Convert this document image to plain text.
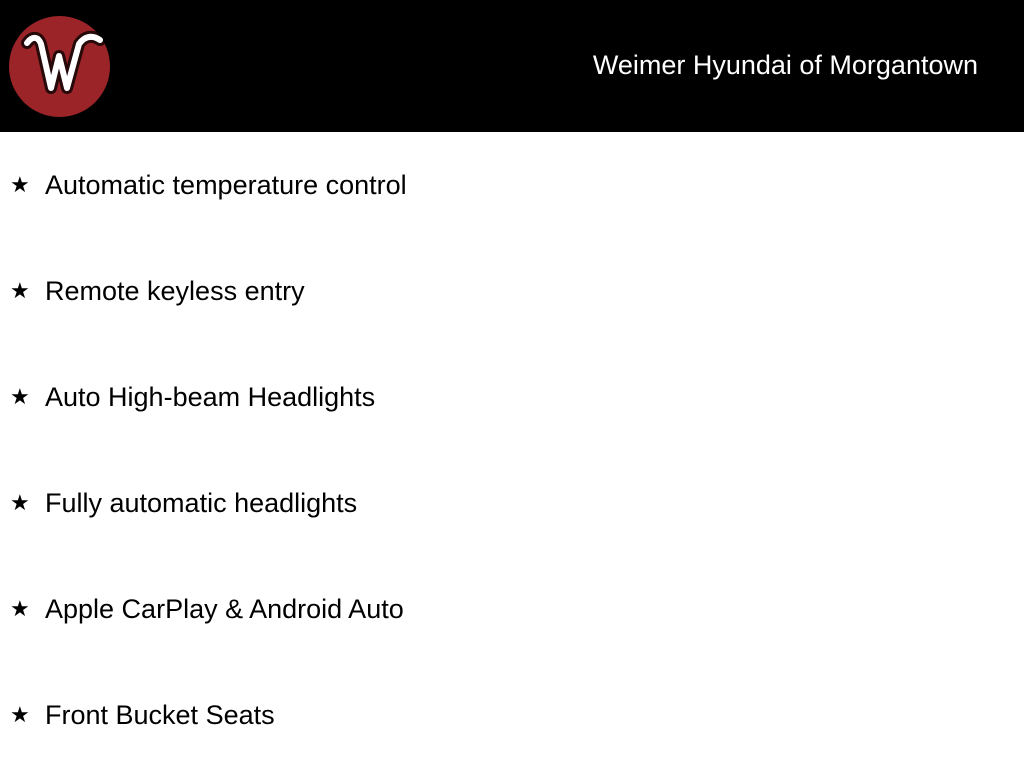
Weimer Hyundai of Morgantown
★ Automatic temperature control
★ Remote keyless entry
★ Auto High-beam Headlights
★ Fully automatic headlights
★ Apple CarPlay & Android Auto
★ Front Bucket Seats
